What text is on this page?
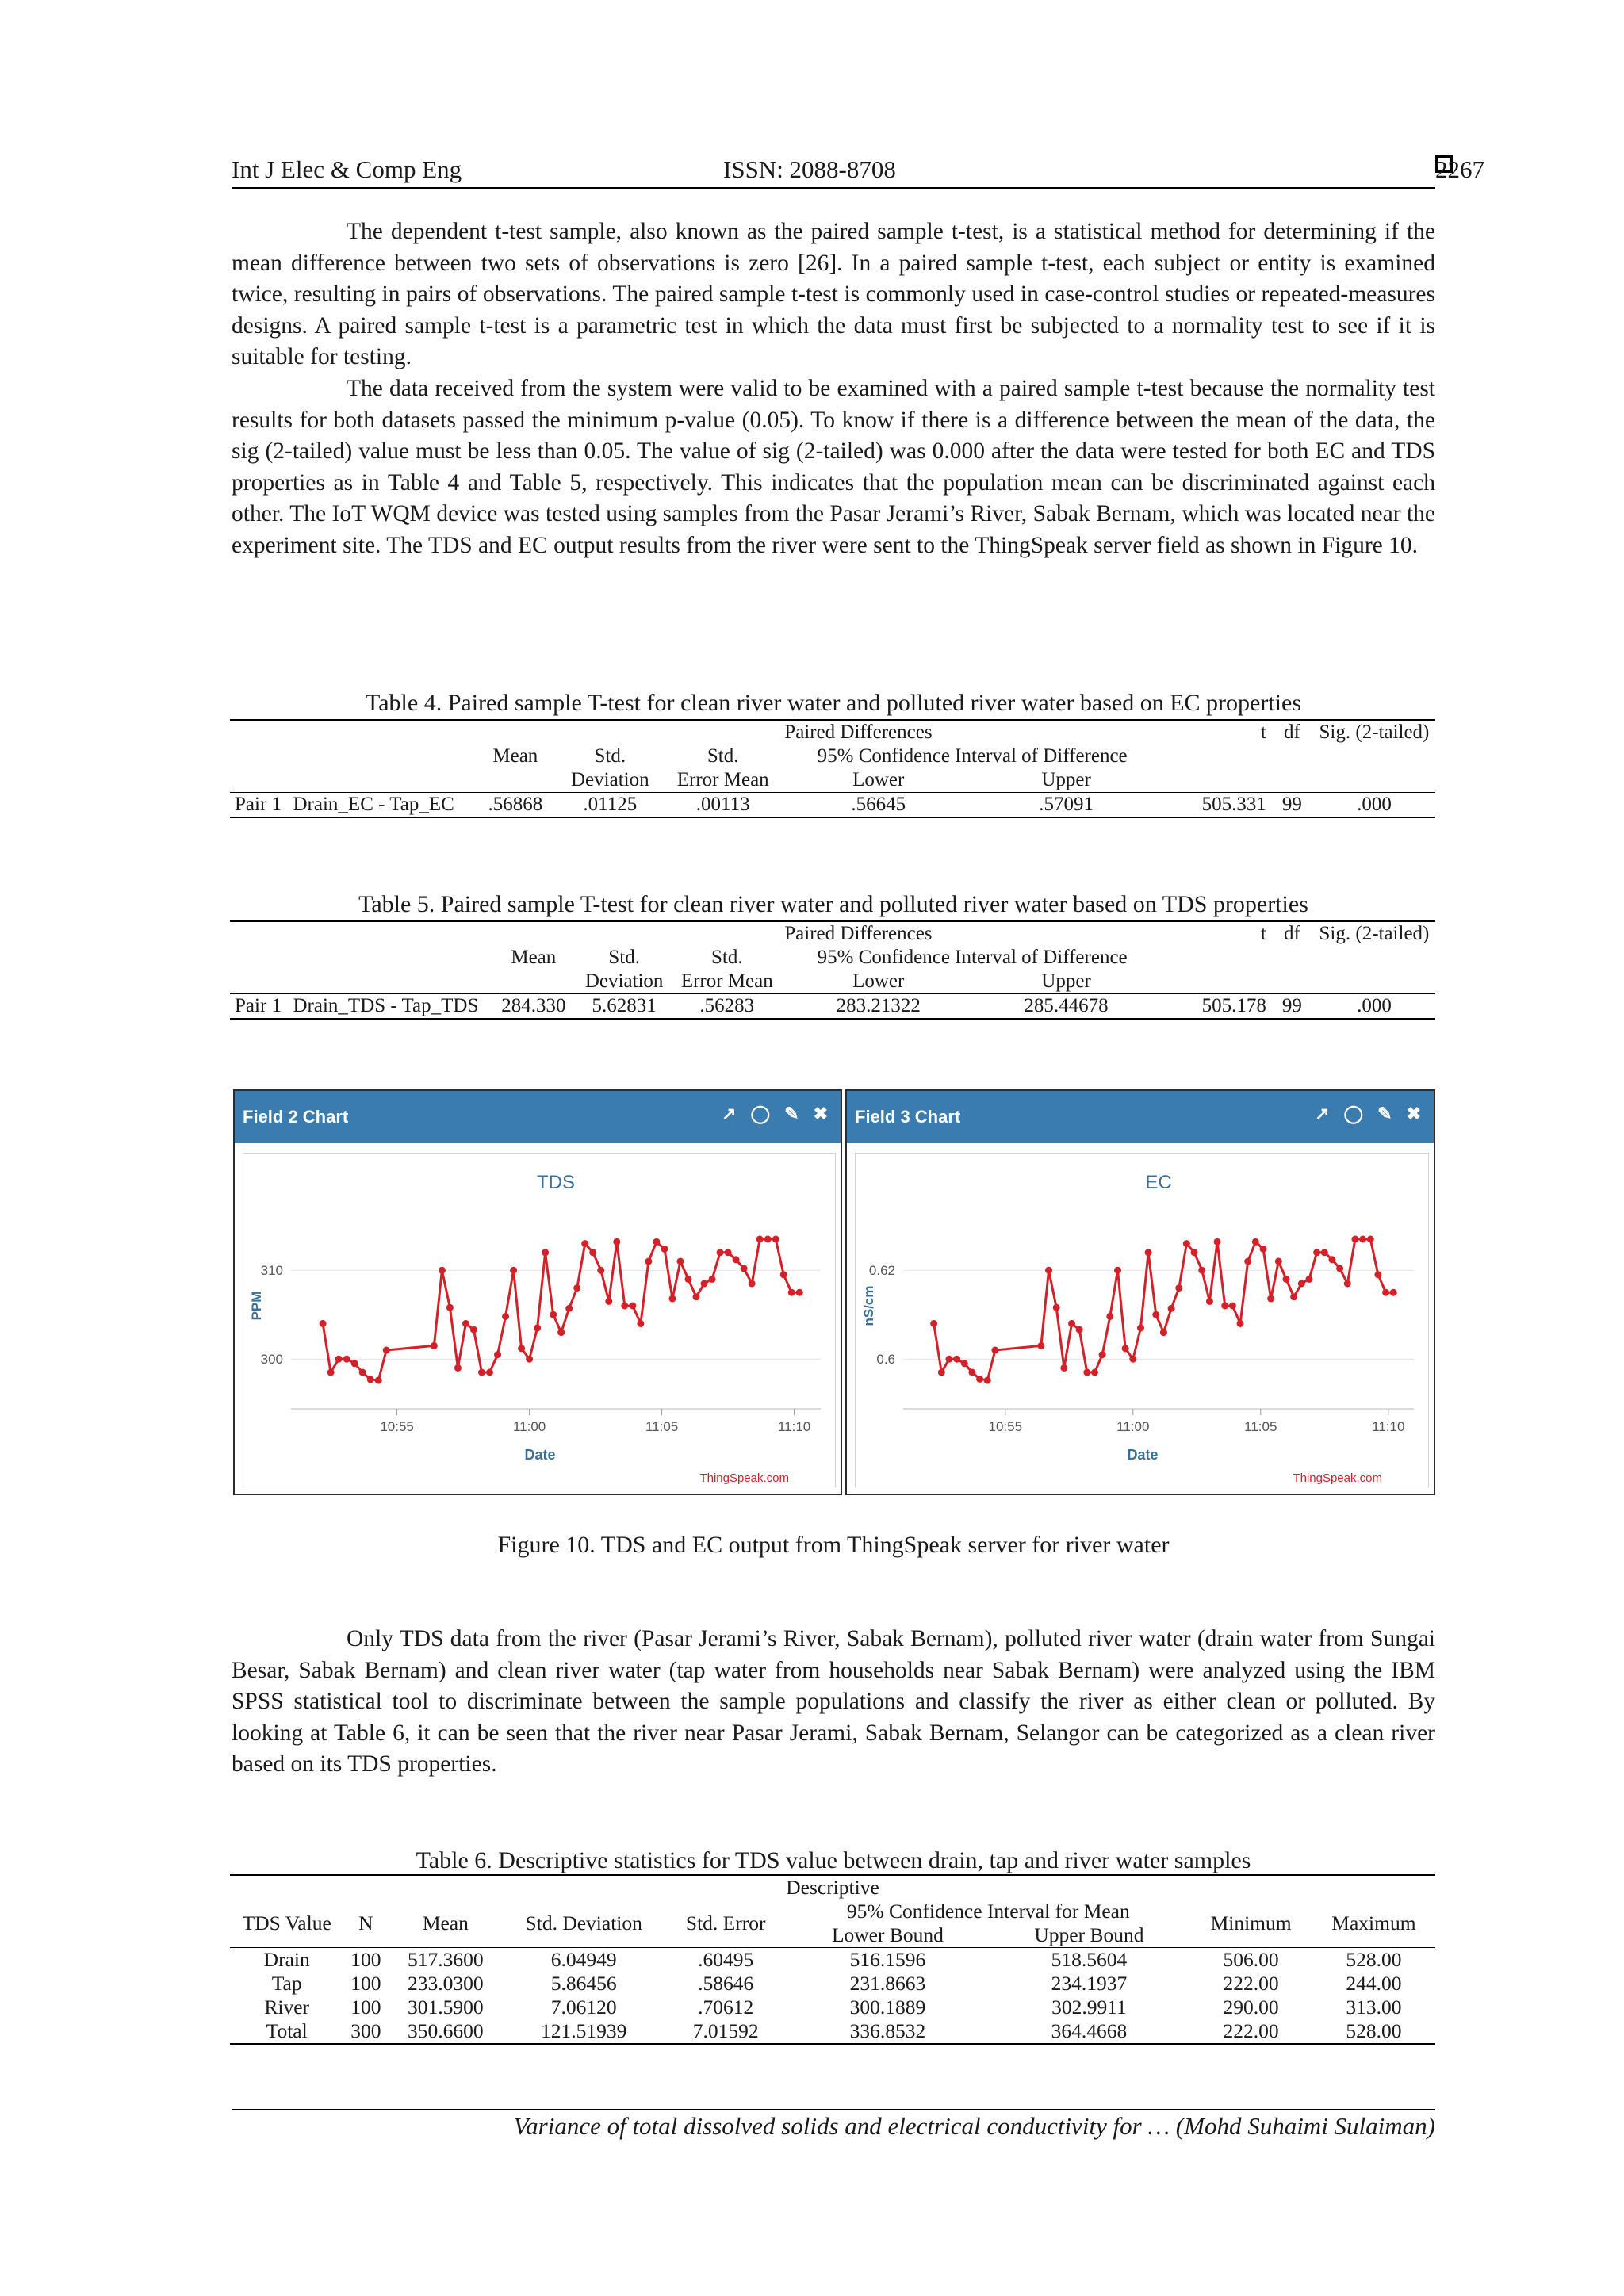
Int J Elec & Comp Eng	ISSN: 2088-8708	2267

The dependent t-test sample, also known as the paired sample t-test, is a statistical method for determining if the mean difference between two sets of observations is zero [26]. In a paired sample t-test, each subject or entity is examined twice, resulting in pairs of observations. The paired sample t-test is commonly used in case-control studies or repeated-measures designs. A paired sample t-test is a parametric test in which the data must first be subjected to a normality test to see if it is suitable for testing.

The data received from the system were valid to be examined with a paired sample t-test because the normality test results for both datasets passed the minimum p-value (0.05). To know if there is a difference between the mean of the data, the sig (2-tailed) value must be less than 0.05. The value of sig (2-tailed) was 0.000 after the data were tested for both EC and TDS properties as in Table 4 and Table 5, respectively. This indicates that the population mean can be discriminated against each other. The IoT WQM device was tested using samples from the Pasar Jerami’s River, Sabak Bernam, which was located near the experiment site. The TDS and EC output results from the river were sent to the ThingSpeak server field as shown in Figure 10.

Table 4. Paired sample T-test for clean river water and polluted river water based on EC properties
					Paired Differences		t	df	Sig. (2-tailed)
		Mean	Std.	Std.	95% Confidence Interval of Difference				
			Deviation	Error Mean	Lower	Upper			
Pair 1	Drain_EC - Tap_EC	.56868	.01125	.00113	.56645	.57091	505.331	99	.000
Table 5. Paired sample T-test for clean river water and polluted river water based on TDS properties
					Paired Differences		t	df	Sig. (2-tailed)
		Mean	Std.	Std.	95% Confidence Interval of Difference				
			Deviation	Error Mean	Lower	Upper			
Pair 1	Drain_TDS - Tap_TDS	284.330	5.62831	.56283	283.21322	285.44678	505.178	99	.000
Field 2 Chart	↗ ◯ ✎ ✖
TDS
300
310
10:55	11:00	11:05	11:10
Date
PPM
ThingSpeak.com
Field 3 Chart	↗ ◯ ✎ ✖
EC
0.6
0.62
10:55	11:00	11:05	11:10
Date
nS/cm
ThingSpeak.com
Figure 10. TDS and EC output from ThingSpeak server for river water

Only TDS data from the river (Pasar Jerami’s River, Sabak Bernam), polluted river water (drain water from Sungai Besar, Sabak Bernam) and clean river water (tap water from households near Sabak Bernam) were analyzed using the IBM SPSS statistical tool to discriminate between the sample populations and classify the river as either clean or polluted. By looking at Table 6, it can be seen that the river near Pasar Jerami, Sabak Bernam, Selangor can be categorized as a clean river based on its TDS properties.

Table 6. Descriptive statistics for TDS value between drain, tap and river water samples
Descriptive								
TDS Value	N	Mean	Std. Deviation	Std. Error	95% Confidence Interval for Mean		Minimum	Maximum
					Lower Bound	Upper Bound		
Drain	100	517.3600	6.04949	.60495	516.1596	518.5604	506.00	528.00
Tap	100	233.0300	5.86456	.58646	231.8663	234.1937	222.00	244.00
River	100	301.5900	7.06120	.70612	300.1889	302.9911	290.00	313.00
Total	300	350.6600	121.51939	7.01592	336.8532	364.4668	222.00	528.00
Variance of total dissolved solids and electrical conductivity for … (Mohd Suhaimi Sulaiman)
